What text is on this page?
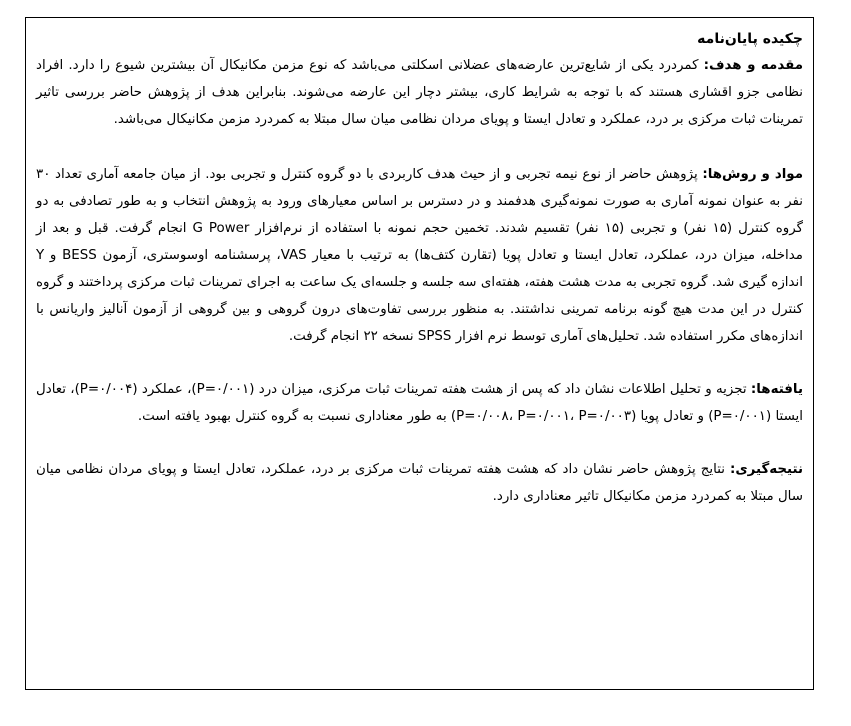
چکیده پایان‌نامه

مقدمه و هدف: کمردرد یکی از شایع‌ترین عارضه‌های عضلانی اسکلتی می‌باشد که نوع مزمن مکانیکال آن بیشترین شیوع را دارد. افراد نظامی جزو اقشاری هستند که با توجه به شرایط کاری، بیشتر دچار این عارضه می‌شوند. بنابراین هدف از پژوهش حاضر بررسی تاثیر تمرینات ثبات مرکزی بر درد، عملکرد و تعادل ایستا و پویای مردان نظامی میان سال مبتلا به کمردرد مزمن مکانیکال می‌باشد.

مواد و روش‌ها: پژوهش حاضر از نوع نیمه تجربی و از حیث هدف کاربردی با دو گروه کنترل و تجربی بود. از میان جامعه آماری تعداد ۳۰ نفر به عنوان نمونه آماری به صورت نمونه‌گیری هدفمند و در دسترس بر اساس معیارهای ورود به پژوهش انتخاب و به طور تصادفی به دو گروه کنترل (۱۵ نفر) و تجربی (۱۵ نفر) تقسیم شدند. تخمین حجم نمونه با استفاده از نرم‌افزار G Power انجام گرفت. قبل و بعد از مداخله، میزان درد، عملکرد، تعادل ایستا و تعادل پویا (تقارن کتف‌ها) به ترتیب با معیار VAS، پرسشنامه اوسوستری، آزمون BESS و Y اندازه گیری شد. گروه تجربی به مدت هشت هفته، هفته‌ای سه جلسه و جلسه‌ای یک ساعت به اجرای تمرینات ثبات مرکزی پرداختند و گروه کنترل در این مدت هیچ گونه برنامه تمرینی نداشتند. به منظور بررسی تفاوت‌های درون گروهی و بین گروهی از آزمون آنالیز واریانس با اندازه‌های مکرر استفاده شد. تحلیل‌های آماری توسط نرم افزار SPSS نسخه ۲۲ انجام گرفت.

یافته‌ها: تجزیه و تحلیل اطلاعات نشان داد که پس از هشت هفته تمرینات ثبات مرکزی، میزان درد (P=۰/۰۰۱)، عملکرد (P=۰/۰۰۴)، تعادل ایستا (P=۰/۰۰۱) و تعادل پویا (P=۰/۰۰۸، P=۰/۰۰۱، P=۰/۰۰۳) به طور معناداری نسبت به گروه کنترل بهبود یافته است.

نتیجه‌گیری: نتایج پژوهش حاضر نشان داد که هشت هفته تمرینات ثبات مرکزی بر درد، عملکرد، تعادل ایستا و پویای مردان نظامی میان سال مبتلا به کمردرد مزمن مکانیکال تاثیر معناداری دارد.
